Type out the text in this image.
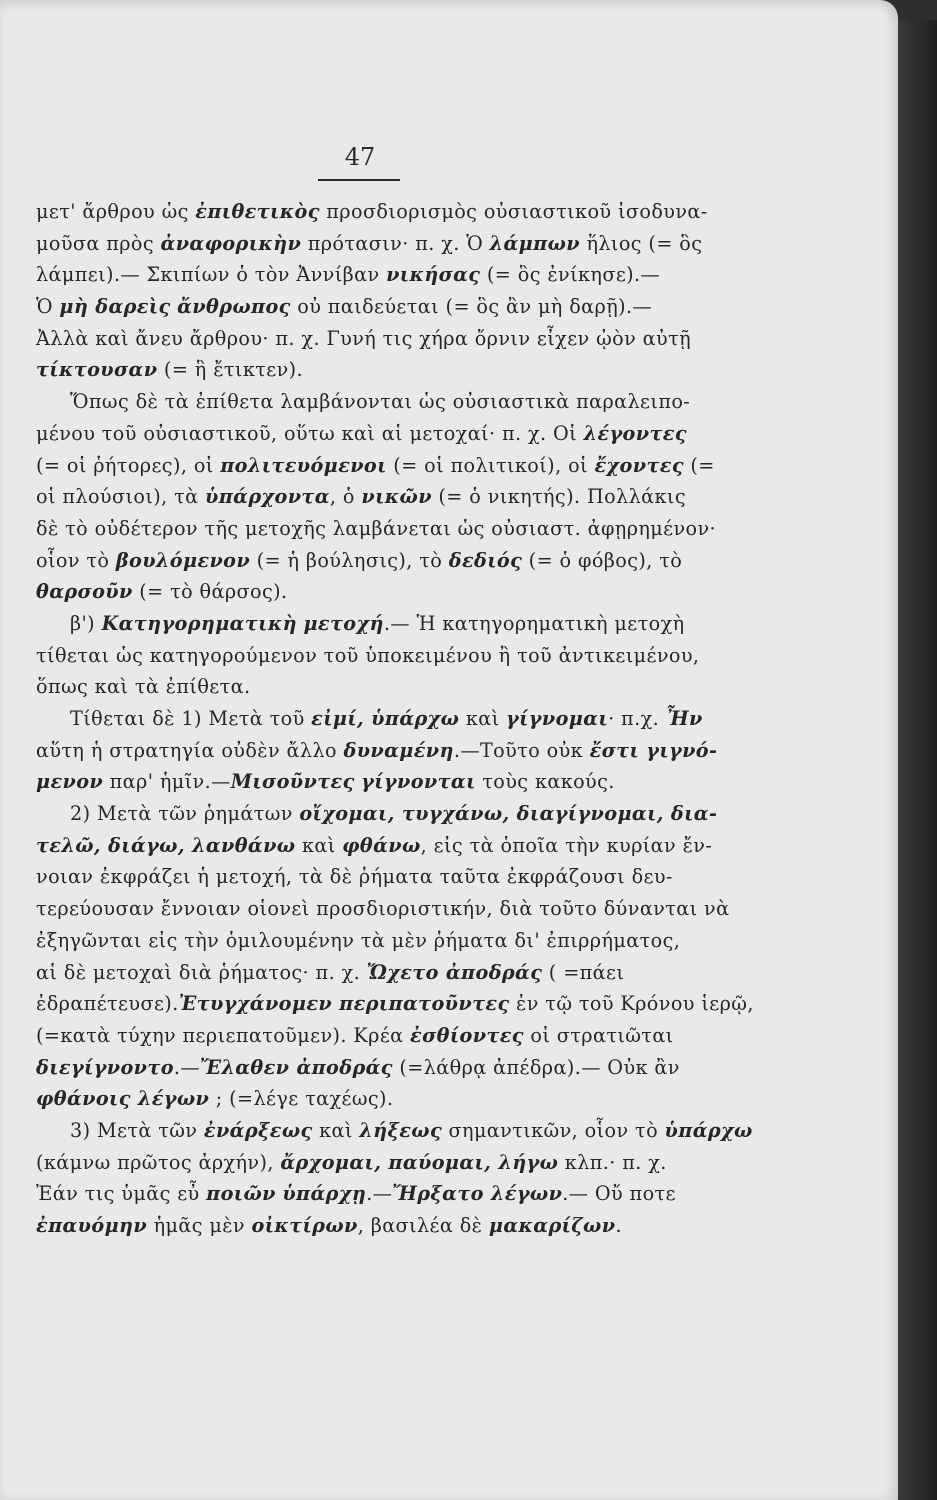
47
μετ' ἄρθρου ὡς ἐπιθετικὸς προσδιορισμὸς οὐσιαστικοῦ ἰσοδυνα-
μοῦσα πρὸς ἀναφορικὴν πρότασιν· π. χ. Ὁ λάμπων ἥλιος (= ὃς
λάμπει).— Σκιπίων ὁ τὸν Ἀννίβαν νικήσας (= ὃς ἐνίκησε).—
Ὁ μὴ δαρεὶς ἄνθρωπος οὐ παιδεύεται (= ὃς ἂν μὴ δαρῇ).—
Ἀλλὰ καὶ ἄνευ ἄρθρου· π. χ. Γυνή τις χήρα ὄρνιν εἶχεν ᾠὸν αὐτῇ
τίκτουσαν (= ἣ ἔτικτεν).
Ὅπως δὲ τὰ ἐπίθετα λαμβάνονται ὡς οὐσιαστικὰ παραλειπο-
μένου τοῦ οὐσιαστικοῦ, οὕτω καὶ αἱ μετοχαί· π. χ. Οἱ λέγοντες
(= οἱ ῥήτορες), οἱ πολιτευόμενοι (= οἱ πολιτικοί), οἱ ἔχοντες (=
οἱ πλούσιοι), τὰ ὑπάρχοντα, ὁ νικῶν (= ὁ νικητής). Πολλάκις
δὲ τὸ οὐδέτερον τῆς μετοχῆς λαμβάνεται ὡς οὐσιαστ. ἀφῃρημένον·
οἷον τὸ βουλόμενον (= ἡ βούλησις), τὸ δεδιός (= ὁ φόβος), τὸ
θαρσοῦν (= τὸ θάρσος).
β') Κατηγορηματικὴ μετοχή.— Ἡ κατηγορηματικὴ μετοχὴ
τίθεται ὡς κατηγορούμενον τοῦ ὑποκειμένου ἢ τοῦ ἀντικειμένου,
ὅπως καὶ τὰ ἐπίθετα.
Τίθεται δὲ 1) Μετὰ τοῦ εἰμί, ὑπάρχω καὶ γίγνομαι· π.χ. Ἦν
αὕτη ἡ στρατηγία οὐδὲν ἄλλο δυναμένη.—Τοῦτο οὐκ ἔστι γιγνό-
μενον παρ' ἡμῖν.—Μισοῦντες γίγνονται τοὺς κακούς.
2) Μετὰ τῶν ῥημάτων οἴχομαι, τυγχάνω, διαγίγνομαι, δια-
τελῶ, διάγω, λανθάνω καὶ φθάνω, εἰς τὰ ὁποῖα τὴν κυρίαν ἔν-
νοιαν ἐκφράζει ἡ μετοχή, τὰ δὲ ῥήματα ταῦτα ἐκφράζουσι δευ-
τερεύουσαν ἔννοιαν οἱονεὶ προσδιοριστικήν, διὰ τοῦτο δύνανται νὰ
ἐξηγῶνται εἰς τὴν ὁμιλουμένην τὰ μὲν ῥήματα δι' ἐπιρρήματος,
αἱ δὲ μετοχαὶ διὰ ῥήματος· π. χ. Ὤχετο ἀποδράς ( =πάει
ἐδραπέτευσε).Ἐτυγχάνομεν περιπατοῦντες ἐν τῷ τοῦ Κρόνου ἱερῷ,
(=κατὰ τύχην περιεπατοῦμεν). Κρέα ἐσθίοντες οἱ στρατιῶται
διεγίγνοντο.—Ἔλαθεν ἀποδράς (=λάθρᾳ ἀπέδρα).— Οὐκ ἂν
φθάνοις λέγων ; (=λέγε ταχέως).
3) Μετὰ τῶν ἐνάρξεως καὶ λήξεως σημαντικῶν, οἷον τὸ ὑπάρχω
(κάμνω πρῶτος ἀρχήν), ἄρχομαι, παύομαι, λήγω κλπ.· π. χ.
Ἐάν τις ὑμᾶς εὖ ποιῶν ὑπάρχῃ.—Ἤρξατο λέγων.— Οὔ ποτε
ἐπαυόμην ἡμᾶς μὲν οἰκτίρων, βασιλέα δὲ μακαρίζων.
